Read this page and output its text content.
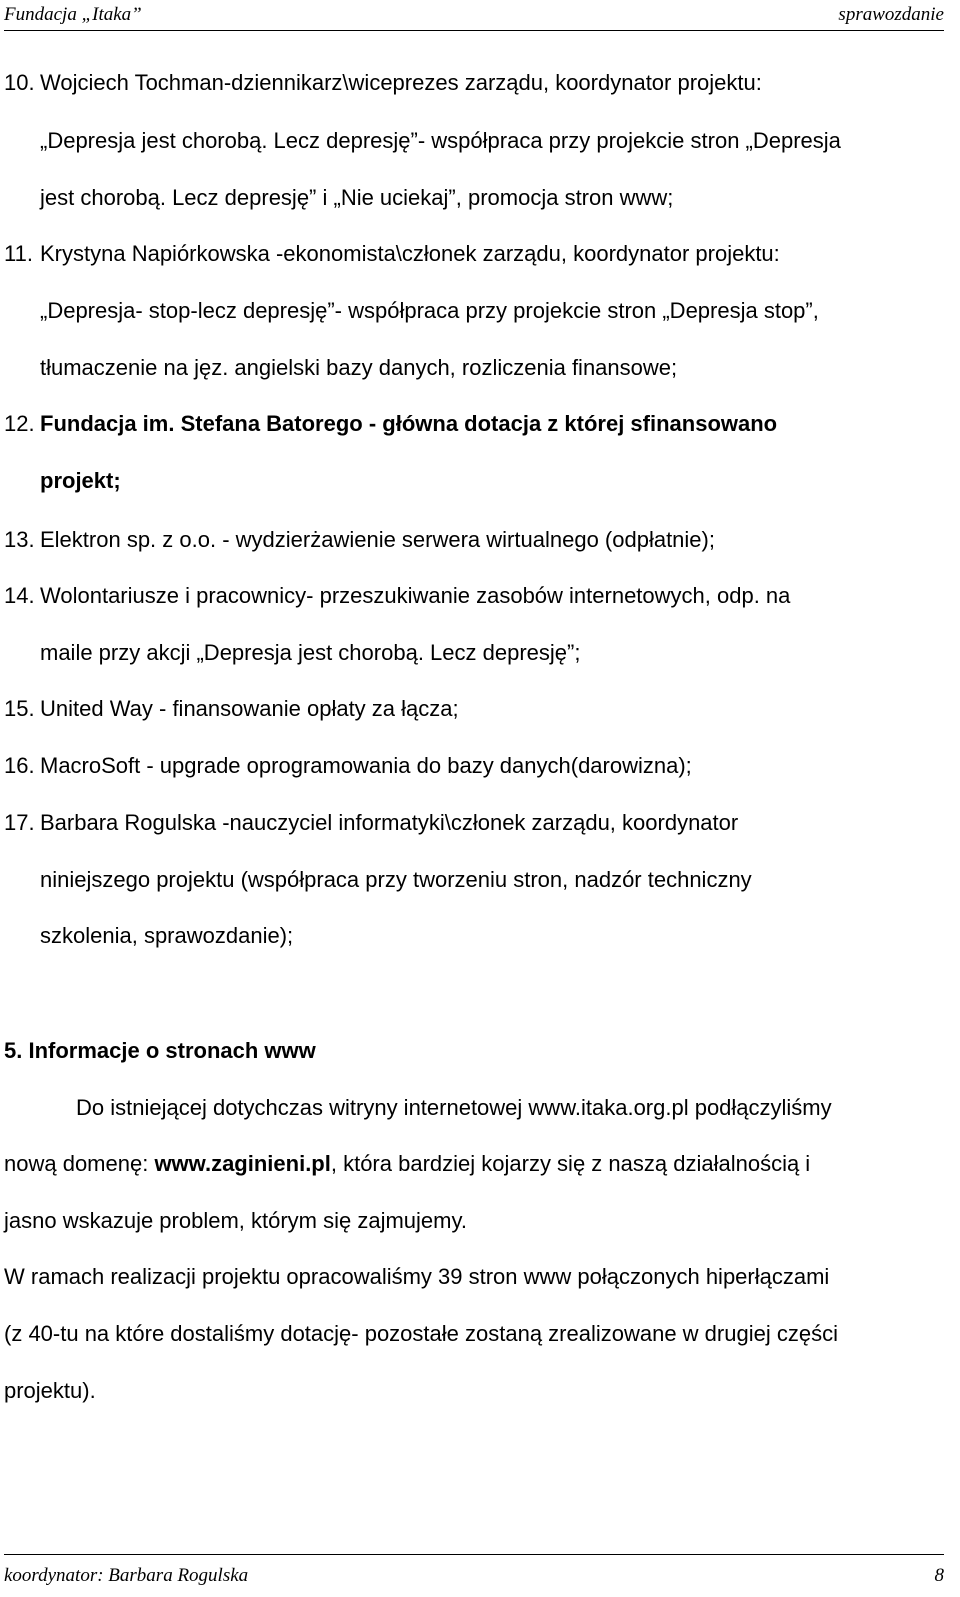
Fundacja „Itaka”	sprawozdanie
10. Wojciech Tochman-dziennikarz\wiceprezes zarządu, koordynator projektu:
„Depresja jest chorobą. Lecz depresję”- współpraca przy projekcie stron „Depresja
jest chorobą. Lecz depresję” i „Nie uciekaj”, promocja stron www;
11. Krystyna Napiórkowska -ekonomista\członek zarządu, koordynator projektu:
„Depresja- stop-lecz depresję”- współpraca przy projekcie stron „Depresja stop”,
tłumaczenie na jęz. angielski bazy danych, rozliczenia finansowe;
12. Fundacja im. Stefana Batorego - główna dotacja z której sfinansowano
projekt;
13. Elektron sp. z o.o. - wydzierżawienie serwera wirtualnego (odpłatnie);
14. Wolontariusze i pracownicy- przeszukiwanie zasobów internetowych, odp. na
maile przy akcji „Depresja jest chorobą. Lecz depresję”;
15. United Way - finansowanie opłaty za łącza;
16. MacroSoft - upgrade oprogramowania do bazy danych(darowizna);
17. Barbara Rogulska -nauczyciel informatyki\członek zarządu, koordynator
niniejszego projektu (współpraca przy tworzeniu stron, nadzór techniczny
szkolenia, sprawozdanie);
5. Informacje o stronach www
Do istniejącej dotychczas witryny internetowej www.itaka.org.pl podłączyliśmy
nową domenę: www.zaginieni.pl, która bardziej kojarzy się z naszą działalnością i
jasno wskazuje problem, którym się zajmujemy.
W ramach realizacji projektu opracowaliśmy 39 stron www połączonych hiperłączami
(z 40-tu na które dostaliśmy dotację- pozostałe zostaną zrealizowane w drugiej części
projektu).
koordynator: Barbara Rogulska	8
